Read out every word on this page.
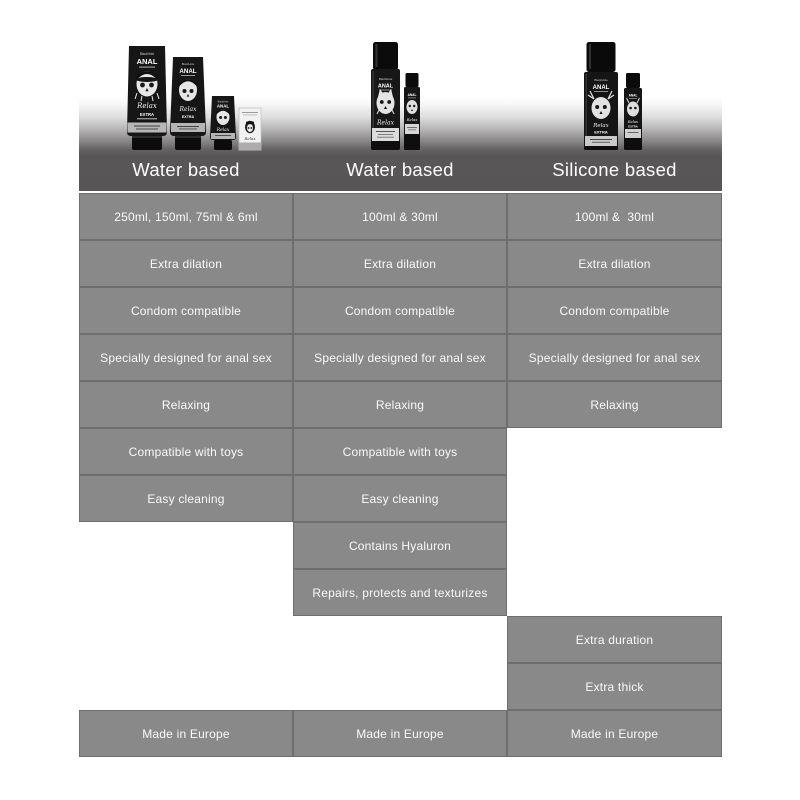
BlackHole
ANAL
Relax
EXTRA
BlackHole
ANAL
Relax
EXTRA
BlackHole
ANAL
Relax
Relax
BlackHole
ANAL
Relax
ANAL
Relax
BlackHole
ANAL
Relax
EXTRA
ANAL
Relax
EXTRA
Water based	Water based	Silicone based
250ml, 150ml, 75ml & 6ml
Extra dilation
Condom compatible
Specially designed for anal sex
Relaxing
Compatible with toys
Easy cleaning
Made in Europe
100ml & 30ml
Extra dilation
Condom compatible
Specially designed for anal sex
Relaxing
Compatible with toys
Easy cleaning
Contains Hyaluron
Repairs, protects and texturizes
Made in Europe
100ml &  30ml
Extra dilation
Condom compatible
Specially designed for anal sex
Relaxing
Extra duration
Extra thick
Made in Europe
